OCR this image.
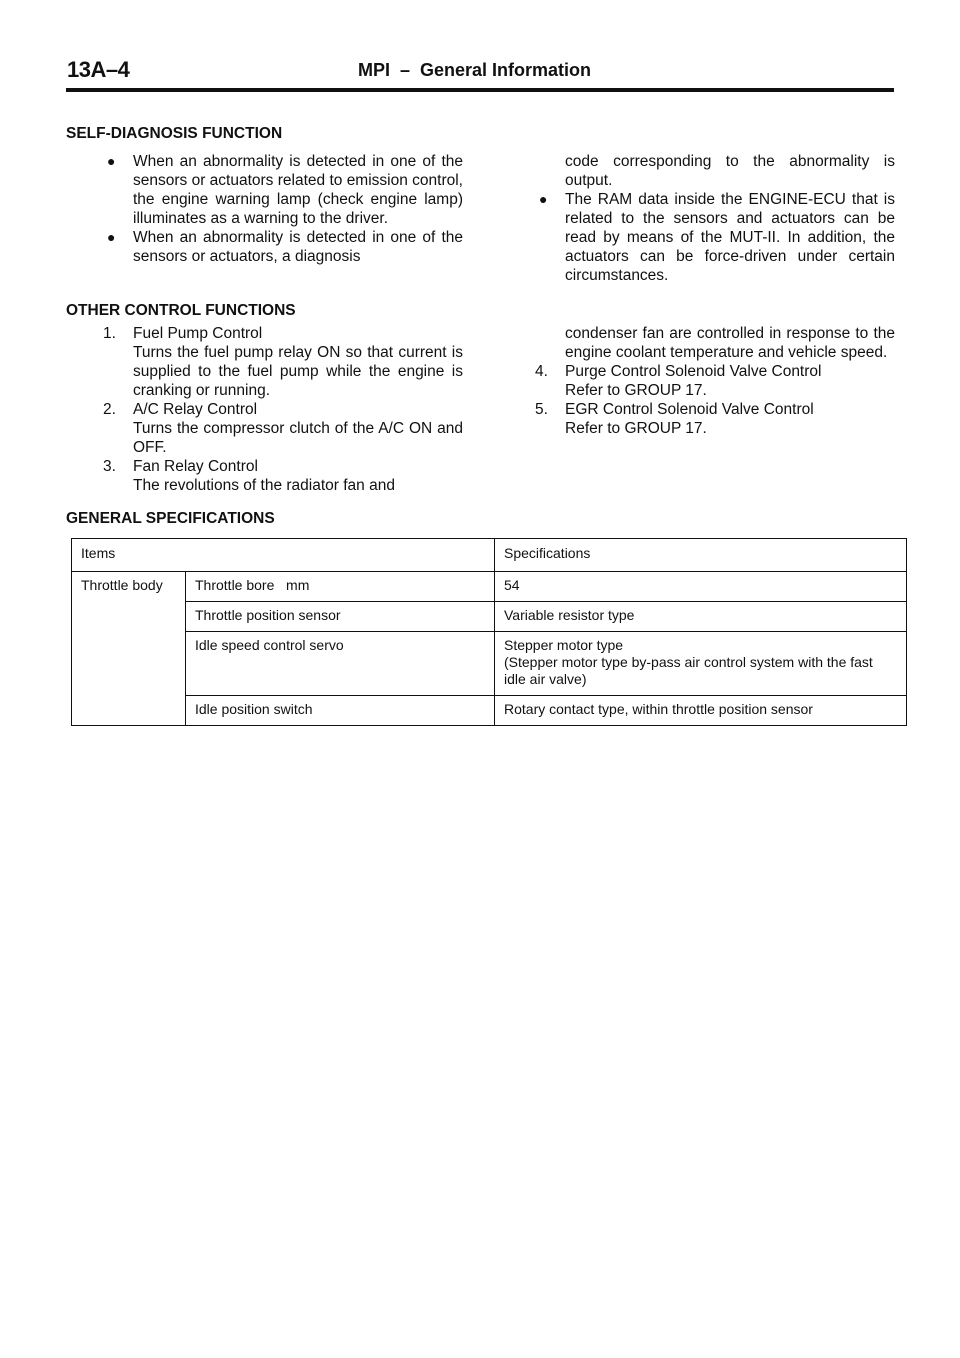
13A–4	MPI  –  General Information
SELF-DIAGNOSIS FUNCTION
● When an abnormality is detected in one of the sensors or actuators related to emission control, the engine warning lamp (check engine lamp) illuminates as a warning to the driver.
● When an abnormality is detected in one of the sensors or actuators, a diagnosis
code corresponding to the abnormality is output.
● The RAM data inside the ENGINE-ECU that is related to the sensors and actuators can be read by means of the MUT-II. In addition, the actuators can be force-driven under certain circumstances.
OTHER CONTROL FUNCTIONS
1. Fuel Pump Control
Turns the fuel pump relay ON so that current is supplied to the fuel pump while the engine is cranking or running.
2. A/C Relay Control
Turns the compressor clutch of the A/C ON and OFF.
3. Fan Relay Control
The revolutions of the radiator fan and
condenser fan are controlled in response to the engine coolant temperature and vehicle speed.
4. Purge Control Solenoid Valve Control
Refer to GROUP 17.
5. EGR Control Solenoid Valve Control
Refer to GROUP 17.
GENERAL SPECIFICATIONS
Items		Specifications
Throttle body	Throttle bore   mm	54
	Throttle position sensor	Variable resistor type
	Idle speed control servo	Stepper motor type
(Stepper motor type by-pass air control system with the fast idle air valve)
	Idle position switch	Rotary contact type, within throttle position sensor
